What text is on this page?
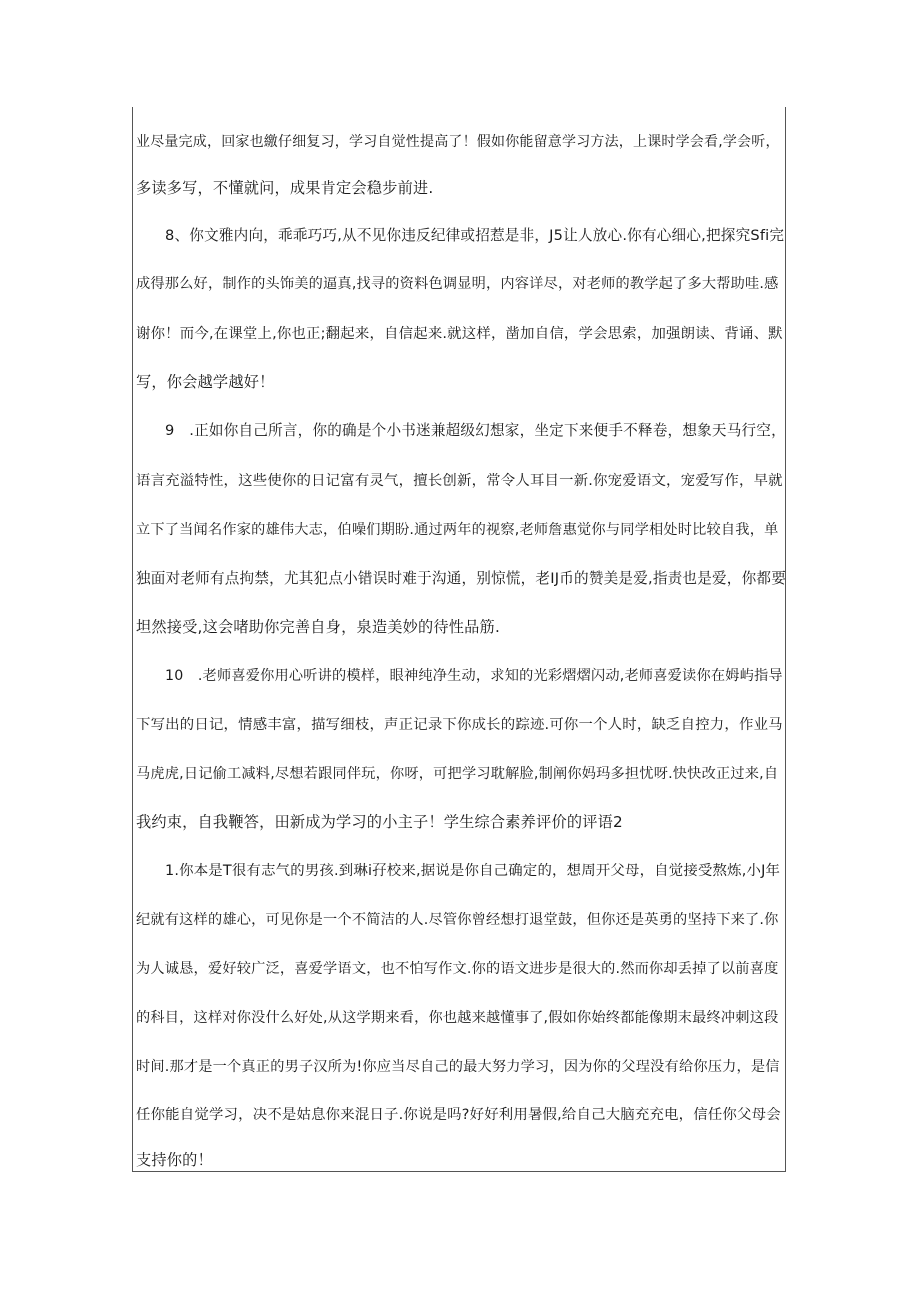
业尽量完成，回家也繳仔细复习，学习自觉性提高了！假如你能留意学习方法，上课时学会看,学会听，
多读多写，不懂就问，成果肯定会稳步前进.
8、你文雅内向，乖乖巧巧,从不见你违反纪律或招惹是非，J5让人放心.你有心细心,把探究Sfi完
成得那么好，制作的头饰美的逼真,找寻的资料色调显明，内容详尽，对老师的教学起了多大帮助哇.感
谢你！而今,在课堂上,你也正;翻起来，自信起来.就这样，凿加自信，学会思索，加强朗读、背诵、默
写，你会越学越好！
9　.正如你自己所言，你的确是个小书迷兼超级幻想家，坐定下来便手不释卷，想象天马行空，
语言充溢特性，这些使你的日记富有灵气，擅长创新，常令人耳目一新.你宠爱语文，宠爱写作，早就
立下了当闻名作家的雄伟大志，伯噪们期盼.通过两年的视察,老师詹惠觉你与同学相处时比较自我，单
独面对老师有点拘禁，尤其犯点小错误时难于沟通，别惊慌，老IJ币的赞美是爱,指责也是爱，你都要
坦然接受,这会啫助你完善自身，泉造美妙的待性品筋.
10　.老师喜爱你用心听讲的模样，眼神纯净生动，求知的光彩熠熠闪动,老师喜爱读你在姆屿指导
下写出的日记，情感丰富，描写细枝，声正记录下你成长的踪迹.可你一个人时，缺乏自控力，作业马
马虎虎,日记偷工减料,尽想若跟同伴玩，你呀，可把学习耽解脸,制阐你妈玛多担忧呀.快快改正过来,自
我约束，自我鞭答，田新成为学习的小主子！学生综合素养评价的评语2
1.你本是T很有志气的男孩.到琳i孖校来,据说是你自己确定的，想周开父母，自觉接受熬炼,小J年
纪就有这样的雄心，可见你是一个不简洁的人.尽管你曾经想打退堂鼓，但你还是英勇的坚持下来了.你
为人诚恳，爱好较广泛，喜爱学语文，也不怕写作文.你的语文进步是很大的.然而你却丢掉了以前喜度
的科目，这样对你没什么好处,从这学期来看，你也越来越懂事了,假如你始终都能像期末最终冲刺这段
时间.那才是一个真正的男子汉所为!你应当尽自己的最大努力学习，因为你的父珵没有给你压力，是信
任你能自觉学习，决不是姑息你来混日子.你说是吗?好好利用暑假,给自己大脑充充电，信任你父母会
支持你的！
